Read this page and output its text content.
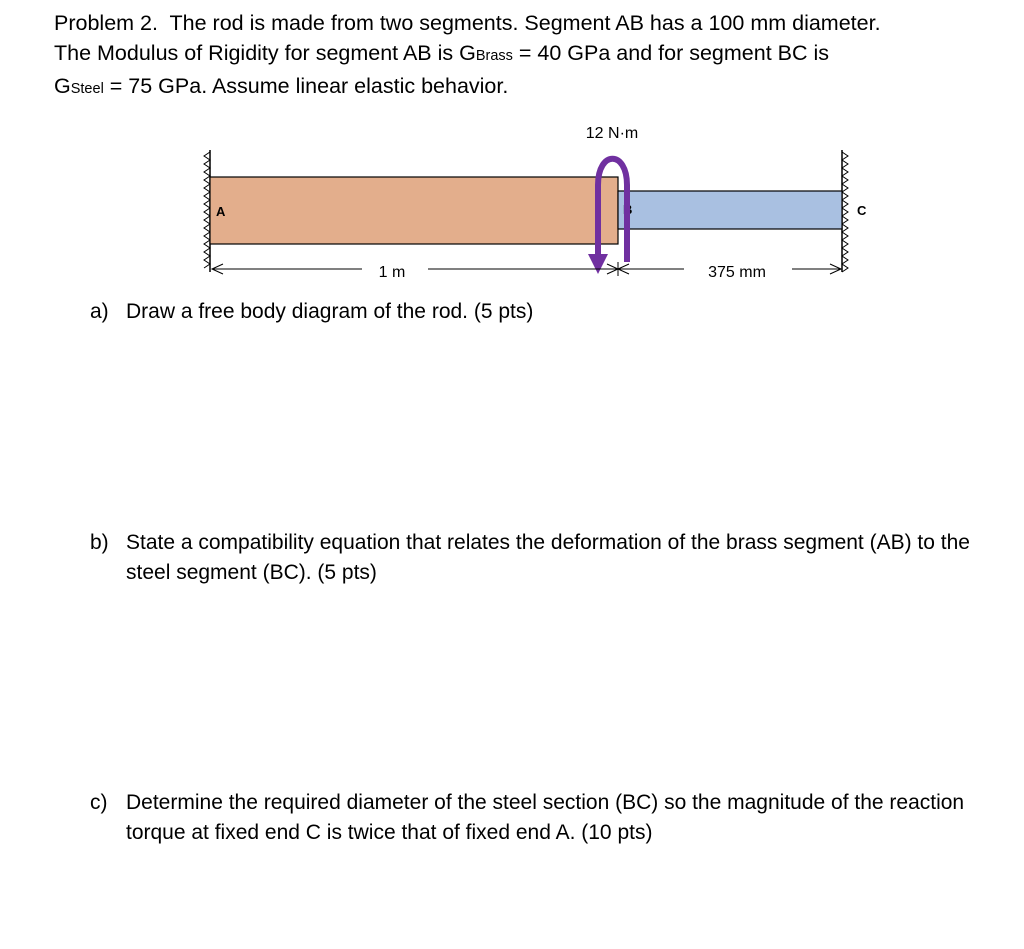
Problem 2. The rod is made from two segments. Segment AB has a 100 mm diameter.

The Modulus of Rigidity for segment AB is GBrass = 40 GPa and for segment BC is

GSteel = 75 GPa. Assume linear elastic behavior.

A	B	C
12 N·m
1 m	375 mm
a) Draw a free body diagram of the rod. (5 pts)
b) State a compatibility equation that relates the deformation of the brass segment (AB) to the steel segment (BC). (5 pts)
c) Determine the required diameter of the steel section (BC) so the magnitude of the reaction torque at fixed end C is twice that of fixed end A. (10 pts)
